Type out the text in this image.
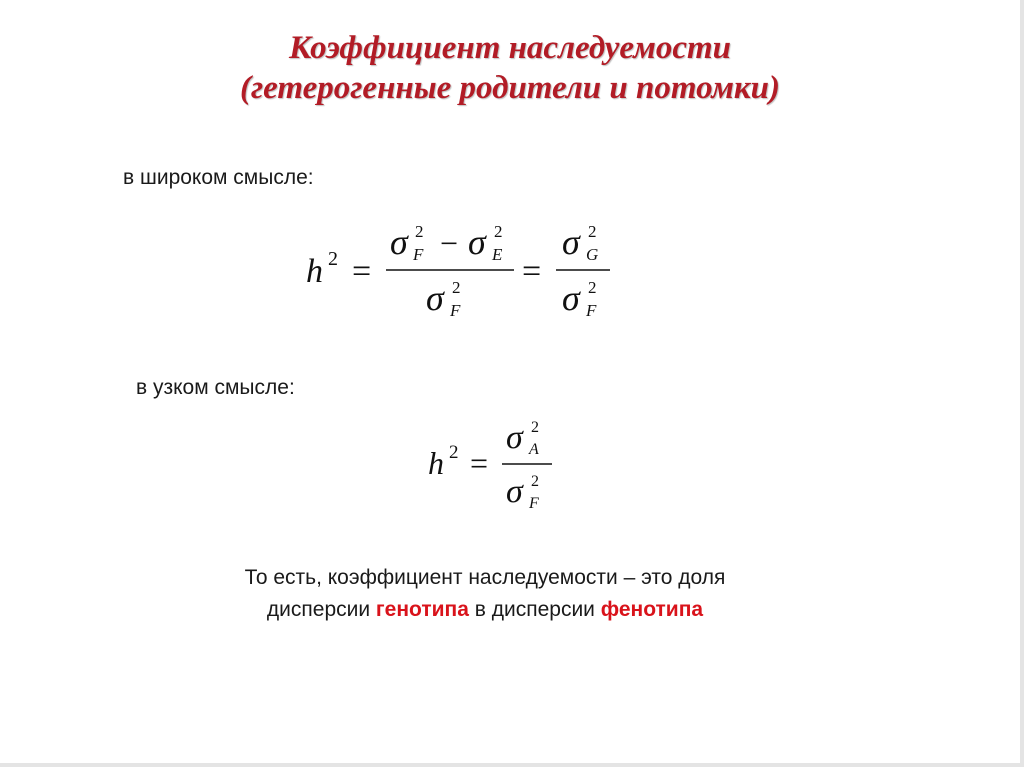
Коэффициент наследуемости
(гетерогенные родители и потомки)
в широком смысле:
h 2 =
σ F
2 − σ E
2
σ F
2 =
σ G
2
σ F
2
в узком смысле:
h 2 =
σ A
2
σ F
2
То есть, коэффициент наследуемости – это доля
дисперсии генотипа в дисперсии фенотипа
